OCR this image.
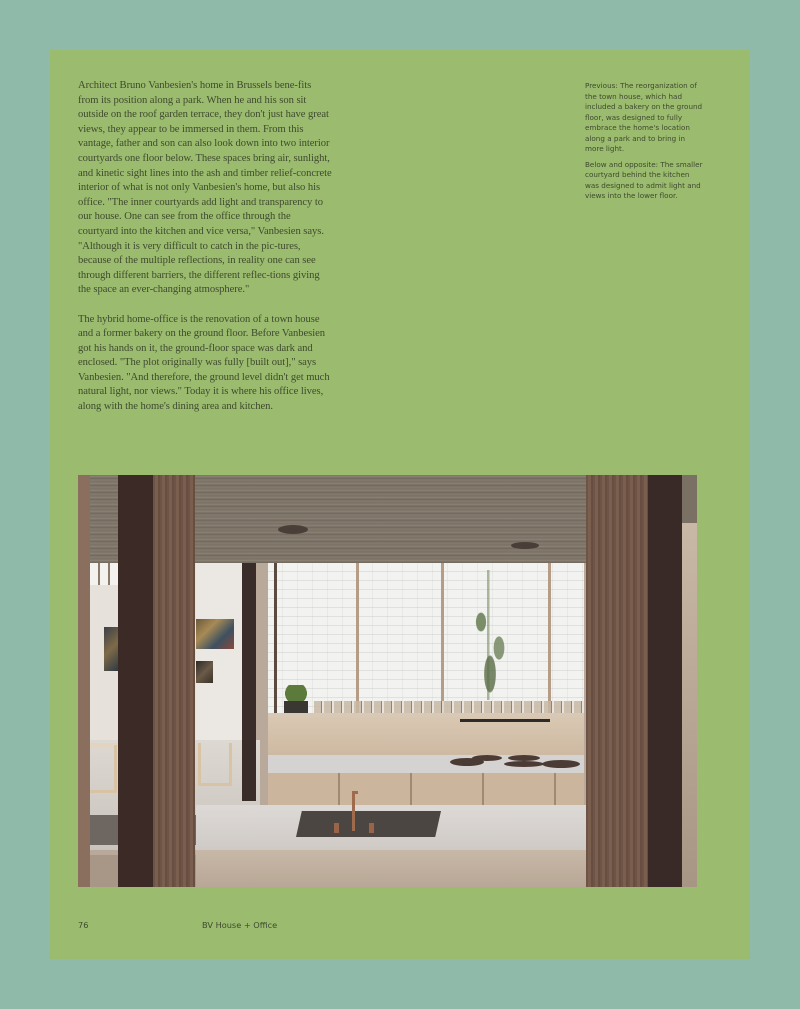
Architect Bruno Vanbesien's home in Brussels bene-fits from its position along a park. When he and his son sit outside on the roof garden terrace, they don't just have great views, they appear to be immersed in them. From this vantage, father and son can also look down into two interior courtyards one floor below. These spaces bring air, sunlight, and kinetic sight lines into the ash and timber relief-concrete interior of what is not only Vanbesien's home, but also his office. "The inner courtyards add light and transparency to our house. One can see from the office through the courtyard into the kitchen and vice versa," Vanbesien says. "Although it is very difficult to catch in the pic-tures, because of the multiple reflections, in reality one can see through different barriers, the different reflec-tions giving the space an ever-changing atmosphere."

The hybrid home-office is the renovation of a town house and a former bakery on the ground floor. Before Vanbesien got his hands on it, the ground-floor space was dark and enclosed. "The plot originally was fully [built out]," says Vanbesien. "And therefore, the ground level didn't get much natural light, nor views." Today it is where his office lives, along with the home's dining area and kitchen.

Previous: The reorganization of the town house, which had included a bakery on the ground floor, was designed to fully embrace the home's location along a park and to bring in more light.

Below and opposite: The smaller courtyard behind the kitchen was designed to admit light and views into the lower floor.

76	BV House + Office
